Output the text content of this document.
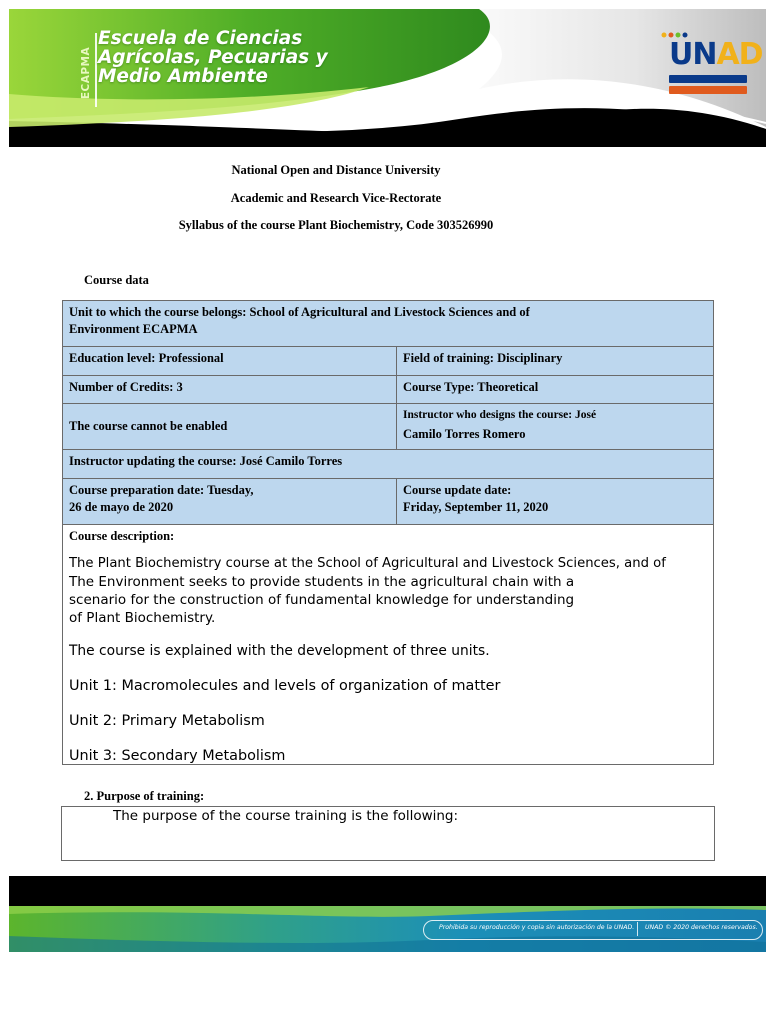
ECAPMA
Escuela de Ciencias
Agrícolas, Pecuarias y
Medio Ambiente
UNAD
National Open and Distance University
Academic and Research Vice-Rectorate
Syllabus of the course Plant Biochemistry, Code 303526990
Course data
Unit to which the course belongs: School of Agricultural and Livestock Sciences and of
Environment ECAPMA
Education level: Professional	Field of training: Disciplinary
Number of Credits: 3	Course Type: Theoretical
The course cannot be enabled
Instructor who designs the course: José
Camilo Torres Romero
Instructor updating the course: José Camilo Torres
Course preparation date: Tuesday,
26 de mayo de 2020
Course update date:
Friday, September 11, 2020
Course description:
The Plant Biochemistry course at the School of Agricultural and Livestock Sciences, and of
The Environment seeks to provide students in the agricultural chain with a
scenario for the construction of fundamental knowledge for understanding
of Plant Biochemistry.
The course is explained with the development of three units.
Unit 1: Macromolecules and levels of organization of matter
Unit 2: Primary Metabolism
Unit 3: Secondary Metabolism
2. Purpose of training:
The purpose of the course training is the following:
Prohibida su reproducción y copia sin autorización de la UNAD. UNAD © 2020 derechos reservados.
